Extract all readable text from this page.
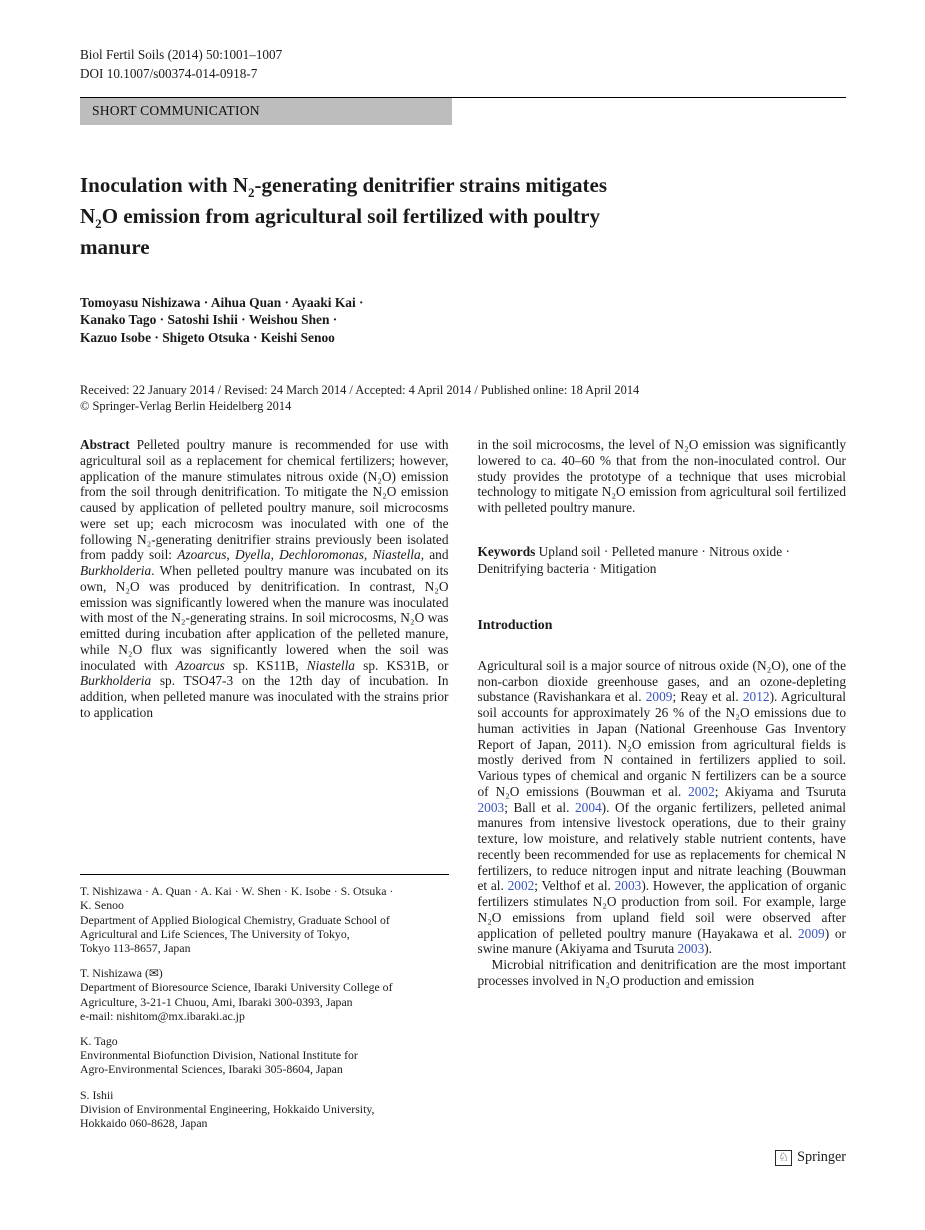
Biol Fertil Soils (2014) 50:1001–1007
DOI 10.1007/s00374-014-0918-7
SHORT COMMUNICATION
Inoculation with $N_2$-generating denitrifier strains mitigates
$N_2O$ emission from agricultural soil fertilized with poultry
manure
Tomoyasu Nishizawa · Aihua Quan · Ayaaki Kai ·
Kanako Tago · Satoshi Ishii · Weishou Shen ·
Kazuo Isobe · Shigeto Otsuka · Keishi Senoo
Received: 22 January 2014 / Revised: 24 March 2014 / Accepted: 4 April 2014 / Published online: 18 April 2014
© Springer-Verlag Berlin Heidelberg 2014

Abstract Pelleted poultry manure is recommended for use with agricultural soil as a replacement for chemical fertilizers; however, application of the manure stimulates nitrous oxide (N₂O) emission from the soil through denitrification. To mitigate the N₂O emission caused by application of pelleted poultry manure, soil microcosms were set up; each microcosm was inoculated with one of the following N₂-generating denitrifier strains previously been isolated from paddy soil: Azoarcus, Dyella, Dechloromonas, Niastella, and Burkholderia. When pelleted poultry manure was incubated on its own, N₂O was produced by denitrification. In contrast, N₂O emission was significantly lowered when the manure was inoculated with most of the N₂-generating strains. In soil microcosms, N₂O was emitted during incubation after application of the pelleted manure, while N₂O flux was significantly lowered when the soil was inoculated with Azoarcus sp. KS11B, Niastella sp. KS31B, or Burkholderia sp. TSO47-3 on the 12th day of incubation. In addition, when pelleted manure was inoculated with the strains prior to application

T. Nishizawa · A. Quan · A. Kai · W. Shen · K. Isobe · S. Otsuka ·
K. Senoo
Department of Applied Biological Chemistry, Graduate School of
Agricultural and Life Sciences, The University of Tokyo,
Tokyo 113-8657, Japan
T. Nishizawa (✉)
Department of Bioresource Science, Ibaraki University College of
Agriculture, 3-21-1 Chuou, Ami, Ibaraki 300-0393, Japan
e-mail: nishitom@mx.ibaraki.ac.jp
K. Tago
Environmental Biofunction Division, National Institute for
Agro-Environmental Sciences, Ibaraki 305-8604, Japan
S. Ishii
Division of Environmental Engineering, Hokkaido University,
Hokkaido 060-8628, Japan

in the soil microcosms, the level of N₂O emission was significantly lowered to ca. 40–60 % that from the non-inoculated control. Our study provides the prototype of a technique that uses microbial technology to mitigate N₂O emission from agricultural soil fertilized with pelleted poultry manure.

Keywords Upland soil · Pelleted manure · Nitrous oxide · Denitrifying bacteria · Mitigation

Introduction

Agricultural soil is a major source of nitrous oxide (N₂O), one of the non-carbon dioxide greenhouse gases, and an ozone-depleting substance (Ravishankara et al. 2009; Reay et al. 2012). Agricultural soil accounts for approximately 26 % of the N₂O emissions due to human activities in Japan (National Greenhouse Gas Inventory Report of Japan, 2011). N₂O emission from agricultural fields is mostly derived from N contained in fertilizers applied to soil. Various types of chemical and organic N fertilizers can be a source of N₂O emissions (Bouwman et al. 2002; Akiyama and Tsuruta 2003; Ball et al. 2004). Of the organic fertilizers, pelleted animal manures from intensive livestock operations, due to their grainy texture, low moisture, and relatively stable nutrient contents, have recently been recommended for use as replacements for chemical N fertilizers, to reduce nitrogen input and nitrate leaching (Bouwman et al. 2002; Velthof et al. 2003). However, the application of organic fertilizers stimulates N₂O production from soil. For example, large N₂O emissions from upland field soil were observed after application of pelleted poultry manure (Hayakawa et al. 2009) or swine manure (Akiyama and Tsuruta 2003).

Microbial nitrification and denitrification are the most important processes involved in N₂O production and emission

♘ Springer
